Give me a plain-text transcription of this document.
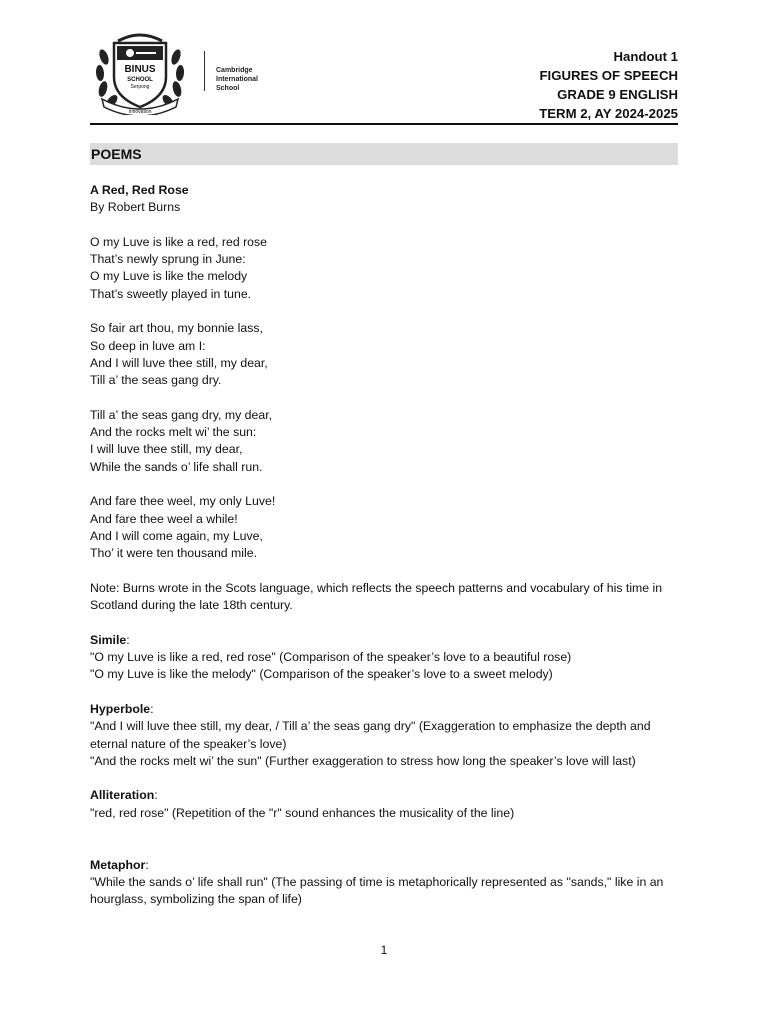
BINUS
SCHOOL
Serpong
Innovation
Cambridge
International
School
Handout 1
FIGURES OF SPEECH
GRADE 9 ENGLISH
TERM 2, AY 2024-2025
POEMS
A Red, Red Rose
By Robert Burns
O my Luve is like a red, red rose
That’s newly sprung in June:
O my Luve is like the melody
That’s sweetly played in tune.
So fair art thou, my bonnie lass,
So deep in luve am I:
And I will luve thee still, my dear,
Till a’ the seas gang dry.
Till a’ the seas gang dry, my dear,
And the rocks melt wi’ the sun:
I will luve thee still, my dear,
While the sands o’ life shall run.
And fare thee weel, my only Luve!
And fare thee weel a while!
And I will come again, my Luve,
Tho’ it were ten thousand mile.
Note: Burns wrote in the Scots language, which reflects the speech patterns and vocabulary of his time in Scotland during the late 18th century.
Simile:
"O my Luve is like a red, red rose" (Comparison of the speaker’s love to a beautiful rose)
"O my Luve is like the melody" (Comparison of the speaker’s love to a sweet melody)
Hyperbole:
"And I will luve thee still, my dear, / Till a’ the seas gang dry" (Exaggeration to emphasize the depth and eternal nature of the speaker’s love)
"And the rocks melt wi’ the sun" (Further exaggeration to stress how long the speaker’s love will last)
Alliteration:
"red, red rose" (Repetition of the "r" sound enhances the musicality of the line)
Metaphor:
"While the sands o’ life shall run" (The passing of time is metaphorically represented as "sands," like in an hourglass, symbolizing the span of life)
1
